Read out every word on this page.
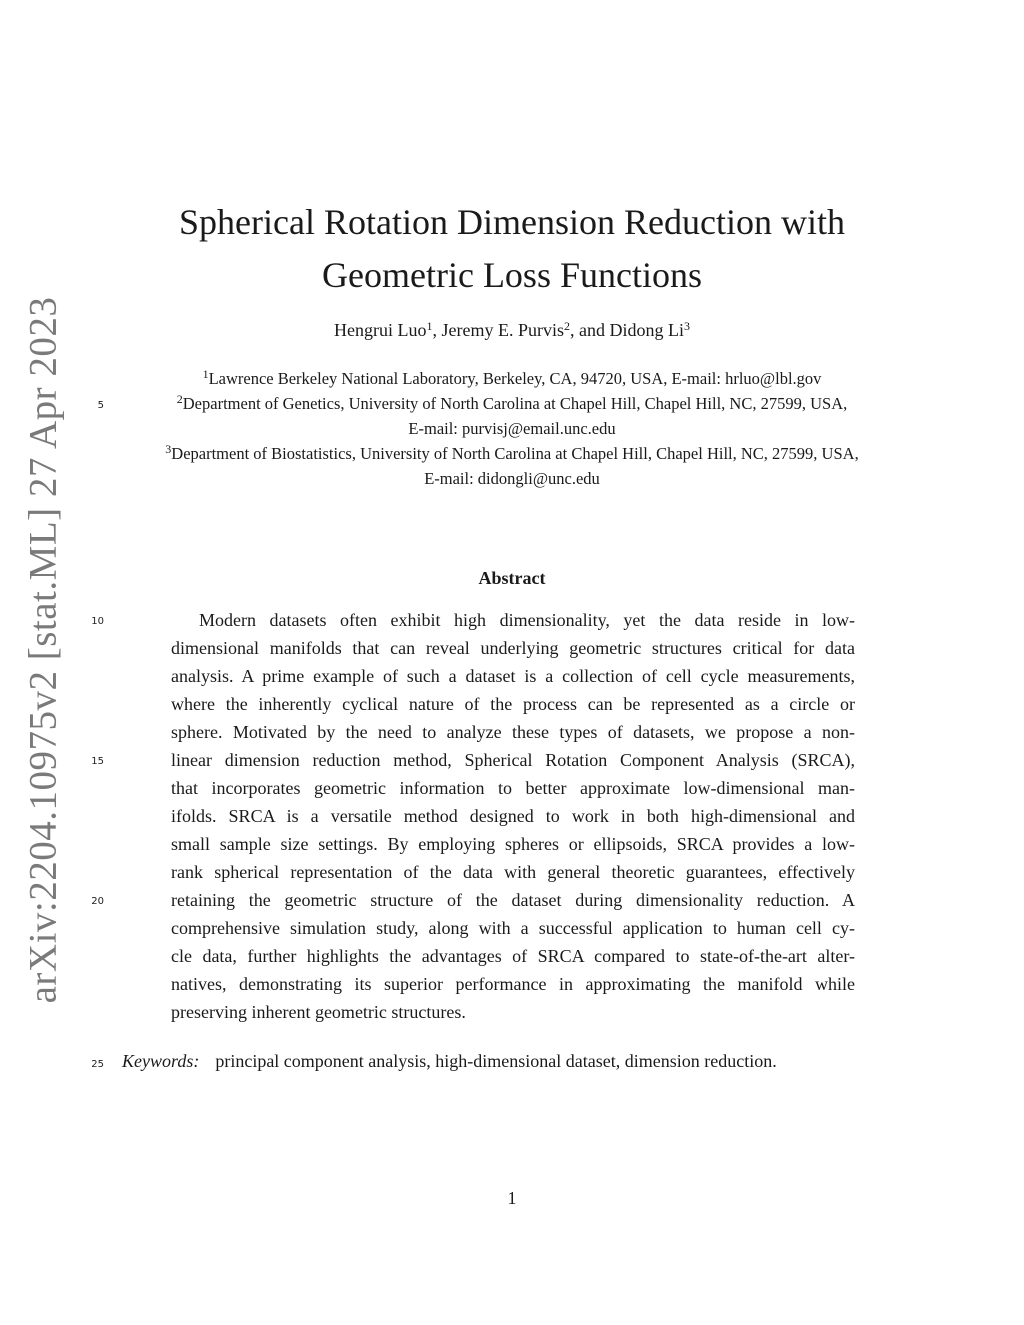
arXiv:2204.10975v2 [stat.ML] 27 Apr 2023
Spherical Rotation Dimension Reduction with
Geometric Loss Functions
Hengrui Luo$^1$, Jeremy E. Purvis$^2$, and Didong Li$^3$
$^1$Lawrence Berkeley National Laboratory, Berkeley, CA, 94720, USA, E-mail: hrluo@lbl.gov
5	$^2$Department of Genetics, University of North Carolina at Chapel Hill, Chapel Hill, NC, 27599, USA,
E-mail: purvisj@email.unc.edu
$^3$Department of Biostatistics, University of North Carolina at Chapel Hill, Chapel Hill, NC, 27599, USA,
E-mail: didongli@unc.edu
Abstract
10
15
20
Modern datasets often exhibit high dimensionality, yet the data reside in low-
dimensional manifolds that can reveal underlying geometric structures critical for data
analysis. A prime example of such a dataset is a collection of cell cycle measurements,
where the inherently cyclical nature of the process can be represented as a circle or
sphere. Motivated by the need to analyze these types of datasets, we propose a non-
linear dimension reduction method, Spherical Rotation Component Analysis (SRCA),
that incorporates geometric information to better approximate low-dimensional man-
ifolds. SRCA is a versatile method designed to work in both high-dimensional and
small sample size settings. By employing spheres or ellipsoids, SRCA provides a low-
rank spherical representation of the data with general theoretic guarantees, effectively
retaining the geometric structure of the dataset during dimensionality reduction. A
comprehensive simulation study, along with a successful application to human cell cy-
cle data, further highlights the advantages of SRCA compared to state-of-the-art alter-
natives, demonstrating its superior performance in approximating the manifold while
preserving inherent geometric structures.
25 Keywords: principal component analysis, high-dimensional dataset, dimension reduction.
1
